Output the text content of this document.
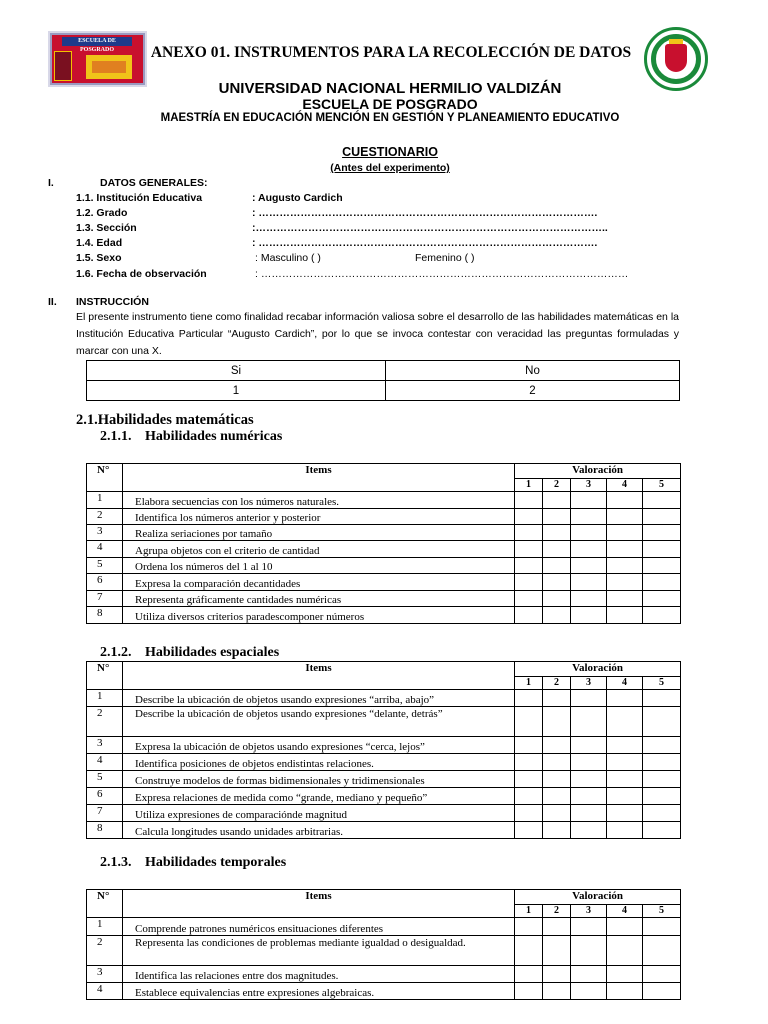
ESCUELA DE POSGRADO	ANEXO 01. INSTRUMENTOS PARA LA RECOLECCIÓN DE DATOS
UNIVERSIDAD NACIONAL HERMILIO VALDIZÁN
ESCUELA DE POSGRADO
MAESTRÍA EN EDUCACIÓN MENCIÓN EN GESTIÓN Y PLANEAMIENTO EDUCATIVO
CUESTIONARIO
(Antes del experimento)
I.	DATOS GENERALES:
1.1. Institución Educativa	: Augusto Cardich
1.2. Grado	: …………………………………………………………………………………….
1.3. Sección	:………………………………………………………………………………………..
1.4. Edad	: …………………………………………………………………………………….
1.5. Sexo	: Masculino ( )	Femenino ( )
1.6. Fecha de observación	: ……………………………………………………………………………………………
II. INSTRUCCIÓN
El presente instrumento tiene como finalidad recabar información valiosa sobre el desarrollo de las habilidades matemáticas en la Institución Educativa Particular “Augusto Cardich”, por lo que se invoca contestar con veracidad las preguntas formuladas y marcar con una X.
Si	No
1	2
2.1.Habilidades matemáticas
2.1.1. Habilidades numéricas
N°	Items	Valoración				
		1	2	3	4	5
1	Elabora secuencias con los números naturales.					
2	Identifica los números anterior y posterior					
3	Realiza seriaciones por tamaño					
4	Agrupa objetos con el criterio de cantidad					
5	Ordena los números del 1 al 10					
6	Expresa la comparación decantidades					
7	Representa gráficamente cantidades numéricas					
8	Utiliza diversos criterios paradescomponer números					
2.1.2. Habilidades espaciales
N°	Items	Valoración				
		1	2	3	4	5
1	Describe la ubicación de objetos usando expresiones “arriba, abajo”					
2	Describe la ubicación de objetos usando expresiones “delante, detrás”					
3	Expresa la ubicación de objetos usando expresiones “cerca, lejos”					
4	Identifica posiciones de objetos endistintas relaciones.					
5	Construye modelos de formas bidimensionales y tridimensionales					
6	Expresa relaciones de medida como “grande, mediano y pequeño”					
7	Utiliza expresiones de comparaciónde magnitud					
8	Calcula longitudes usando unidades arbitrarias.					
2.1.3. Habilidades temporales
N°	Items	Valoración				
		1	2	3	4	5
1	Comprende patrones numéricos ensituaciones diferentes					
2	Representa las condiciones de problemas mediante igualdad o desigualdad.					
3	Identifica las relaciones entre dos magnitudes.					
4	Establece equivalencias entre expresiones algebraicas.					
